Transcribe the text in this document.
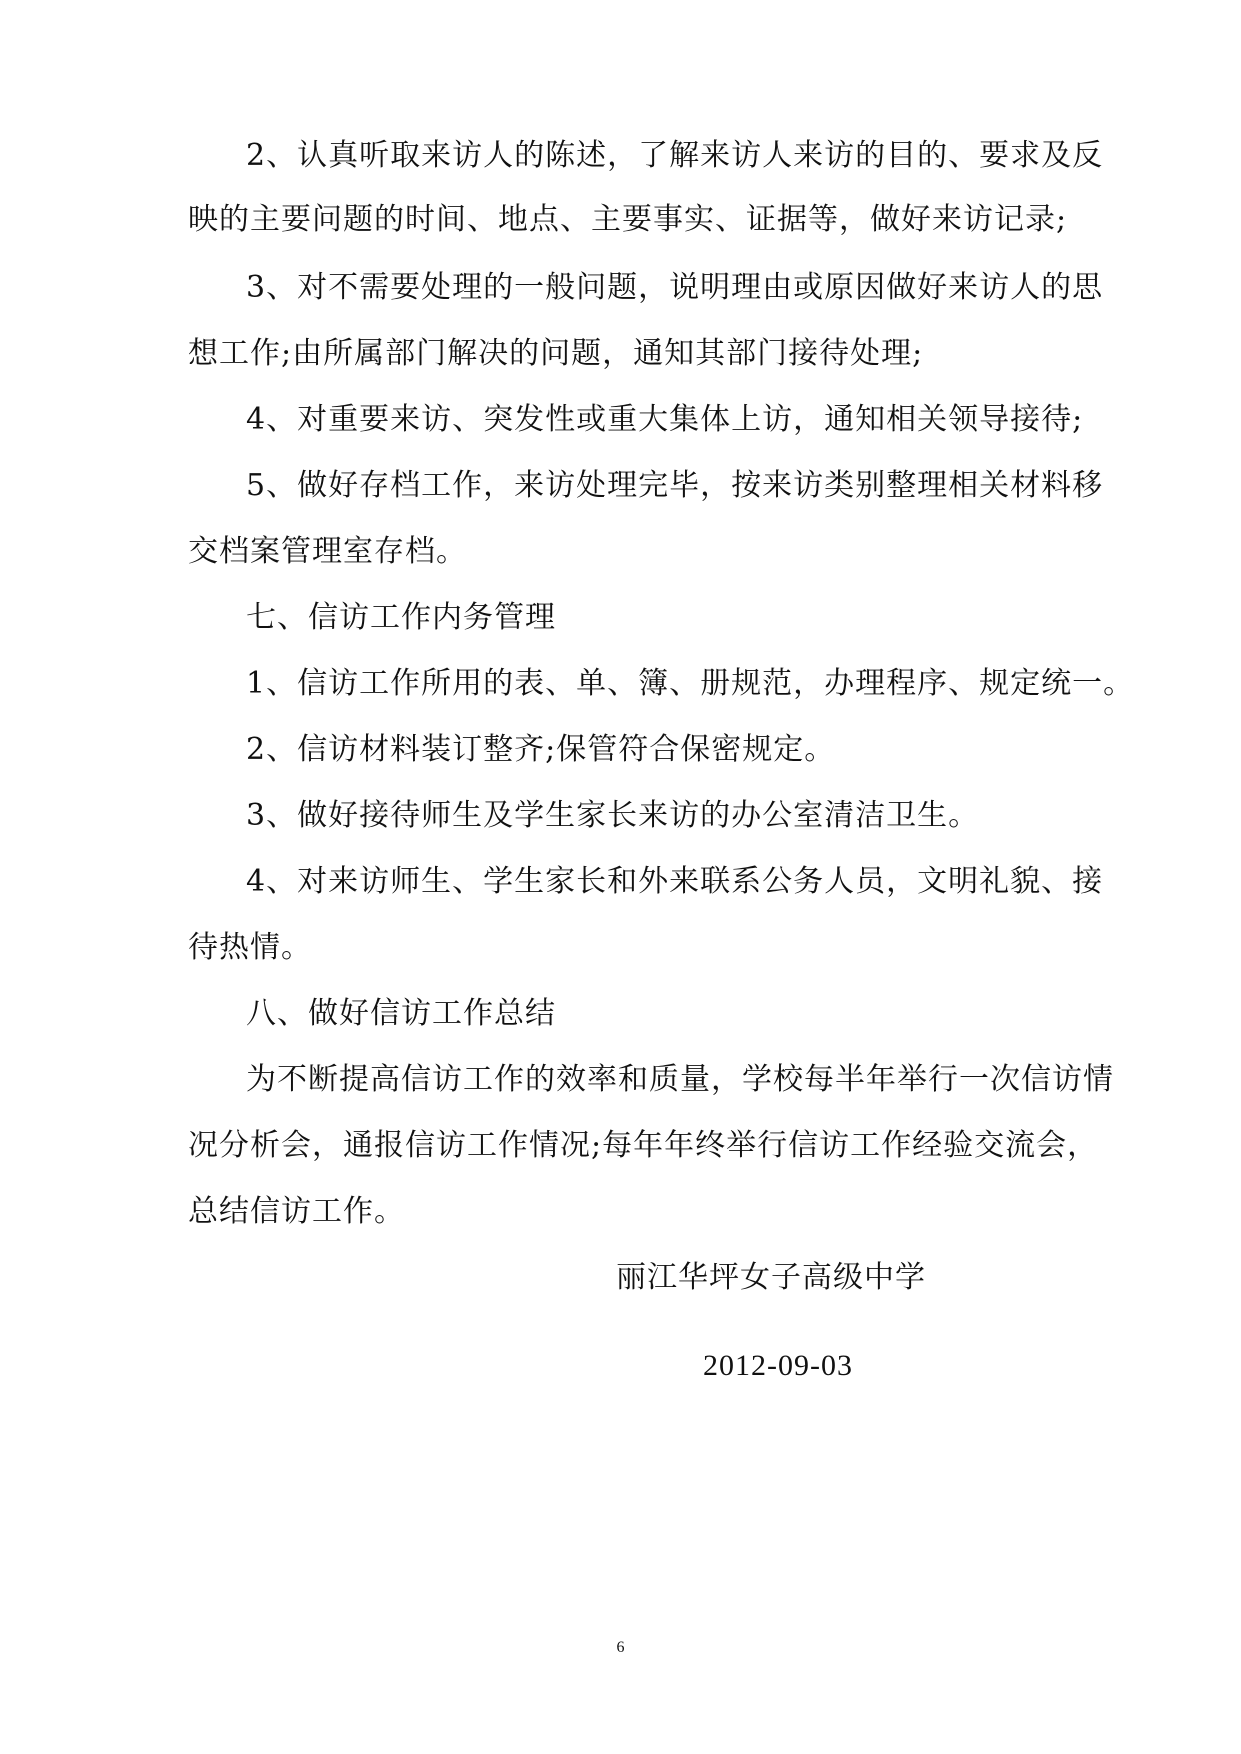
2、认真听取来访人的陈述，了解来访人来访的目的、要求及反
映的主要问题的时间、地点、主要事实、证据等，做好来访记录;
3、对不需要处理的一般问题，说明理由或原因做好来访人的思
想工作;由所属部门解决的问题，通知其部门接待处理;
4、对重要来访、突发性或重大集体上访，通知相关领导接待;
5、做好存档工作，来访处理完毕，按来访类别整理相关材料移
交档案管理室存档。
七、信访工作内务管理
1、信访工作所用的表、单、簿、册规范，办理程序、规定统一。
2、信访材料装订整齐;保管符合保密规定。
3、做好接待师生及学生家长来访的办公室清洁卫生。
4、对来访师生、学生家长和外来联系公务人员，文明礼貌、接
待热情。
八、做好信访工作总结
为不断提高信访工作的效率和质量，学校每半年举行一次信访情
况分析会，通报信访工作情况;每年年终举行信访工作经验交流会，
总结信访工作。
丽江华坪女子高级中学
2012-09-03
6
